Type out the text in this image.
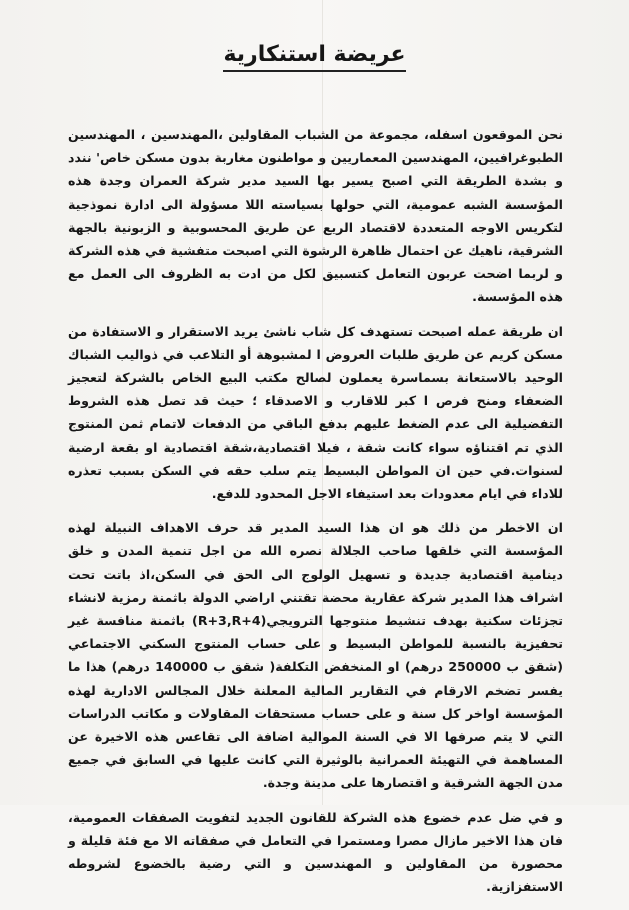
عريضة استنكارية

نحن الموقعون اسفله، مجموعة من الشباب المقاولين ،المهندسين ، المهندسين الطبوغرافيين، المهندسين المعماريين و مواطنون مغاربة بدون مسكن خاص' نندد و بشدة الطريقة التي اصبح يسير بها السيد مدير شركة العمران وجدة هذه المؤسسة الشبه عمومية، التي حولها بسياسته اللا مسؤولة الى ادارة نموذجية لتكريس الاوجه المتعددة لاقتصاد الريع عن طريق المحسوبية و الزبونية بالجهة الشرقية، ناهيك عن احتمال ظاهرة الرشوة التي اصبحت متفشية في هذه الشركة و لربما اضحت عربون التعامل كتسبيق لكل من ادت به الظروف الى العمل مع هذه المؤسسة.

ان طريقة عمله اصبحت تستهدف كل شاب ناشئ يريد الاستقرار و الاستفادة من مسكن كريم عن طريق طلبات العروض ا لمشبوهة أو التلاعب في ذواليب الشباك الوحيد بالاستعانة بسماسرة يعملون لصالح مكتب البيع الخاص بالشركة لتعجيز الضعفاء ومنح فرص ا كبر للاقارب و الاصدقاء ؛ حيث قد تصل هذه الشروط التفضيلية الى عدم الضغط عليهم بدفع الباقي من الدفعات لاتمام ثمن المنتوج الذي تم اقتناؤه سواء كانت شقة ، فيلا اقتصادية،شقة اقتصادية او بقعة ارضية لسنوات.في حين ان المواطن البسيط يتم سلب حقه في السكن بسبب تعذره للاداء في ايام معدودات بعد استيفاء الاجل المحدود للدفع.

ان الاخطر من ذلك هو ان هذا السيد المدير قد حرف الاهداف النبيلة لهذه المؤسسة التي خلقها صاحب الجلالة نصره الله من اجل تنمية المدن و خلق دينامية اقتصادية جديدة و تسهيل الولوج الى الحق في السكن،اذ باتت تحت اشراف هذا المدير شركة عقارية محضة تقتني اراضي الدولة باثمنة رمزية لانشاء تجزئات سكنية بهدف تنشيط منتوجها الترويجي(R+3,R+4) باثمنة منافسة غير تحفيزية بالنسبة للمواطن البسيط و على حساب المنتوج السكني الاجتماعي (شقق ب 250000 درهم) او المنخفض التكلفة( شقق ب 140000 درهم) هذا ما يفسر تضخم الارقام في التقارير المالية المعلنة خلال المجالس الادارية لهذه المؤسسة اواخر كل سنة و على حساب مستحقات المقاولات و مكاتب الدراسات التي لا يتم صرفها الا في السنة الموالية اضافة الى تقاعس هذه الاخيرة عن المساهمة في التهيئة العمرانية بالوثيرة التي كانت عليها في السابق في جميع مدن الجهة الشرقية و اقتصارها على مدينة وجدة.

و في ضل عدم خضوع هذه الشركة للقانون الجديد لتفويت الصفقات العمومية، فان هذا الاخير مازال مصرا ومستمرا في التعامل في صفقاته الا مع فئة قليلة و محصورة من المقاولين و المهندسين و التي رضية بالخضوع لشروطه الاستفزازية.
